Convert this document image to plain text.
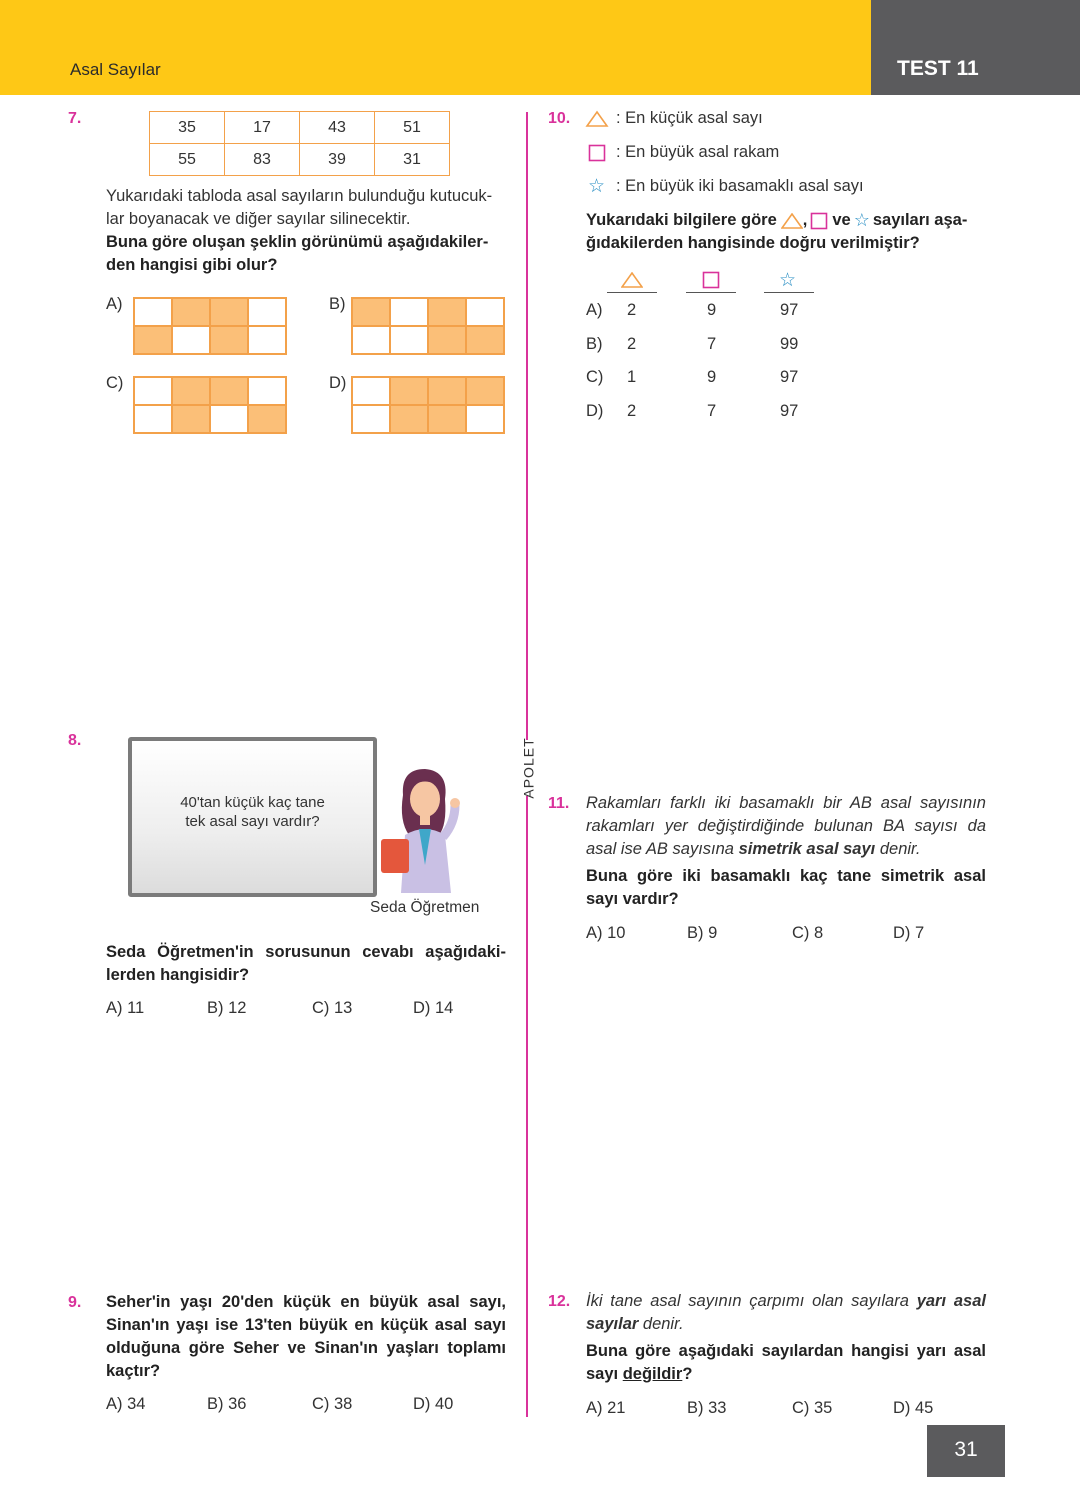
Asal Sayılar	TEST 11
APOLET
7.	35	17	43	51
55	83	39	31
Yukarıdaki tabloda asal sayıların bulunduğu kutucuk-
lar boyanacak ve diğer sayılar silinecektir.
Buna göre oluşan şeklin görünümü aşağıdakiler-
den hangisi gibi olur?
A)	B)
C)	D)
8.
40'tan küçük kaç tane
tek asal sayı vardır?
Seda Öğretmen
Seda Öğretmen'in sorusunun cevabı aşağıdaki-
lerden hangisidir?
A) 11	B) 12	C) 13	D) 14
9. Seher'in yaşı 20'den küçük en büyük asal sayı,
Sinan'ın yaşı ise 13'ten büyük en küçük asal sayı
olduğuna göre Seher ve Sinan'ın yaşları toplamı
kaçtır?
A) 34	B) 36	C) 38	D) 40
10.	: En küçük asal sayı
: En büyük asal rakam
☆ : En büyük iki basamaklı asal sayı
Yukarıdaki bilgilere göre , ve ☆ sayıları aşa-
ğıdakilerden hangisinde doğru verilmiştir?
☆
A) 2	9	97
B) 2	7	99
C) 1	9	97
D) 2	7	97
11. Rakamları farklı iki basamaklı bir AB asal sayısının
rakamları yer değiştirdiğinde bulunan BA sayısı da
asal ise AB sayısına simetrik asal sayı denir.
Buna göre iki basamaklı kaç tane simetrik asal
sayı vardır?
A) 10	B) 9	C) 8	D) 7
12. İki tane asal sayının çarpımı olan sayılara yarı asal
sayılar denir.
Buna göre aşağıdaki sayılardan hangisi yarı asal
sayı değildir?
A) 21	B) 33	C) 35	D) 45
31
